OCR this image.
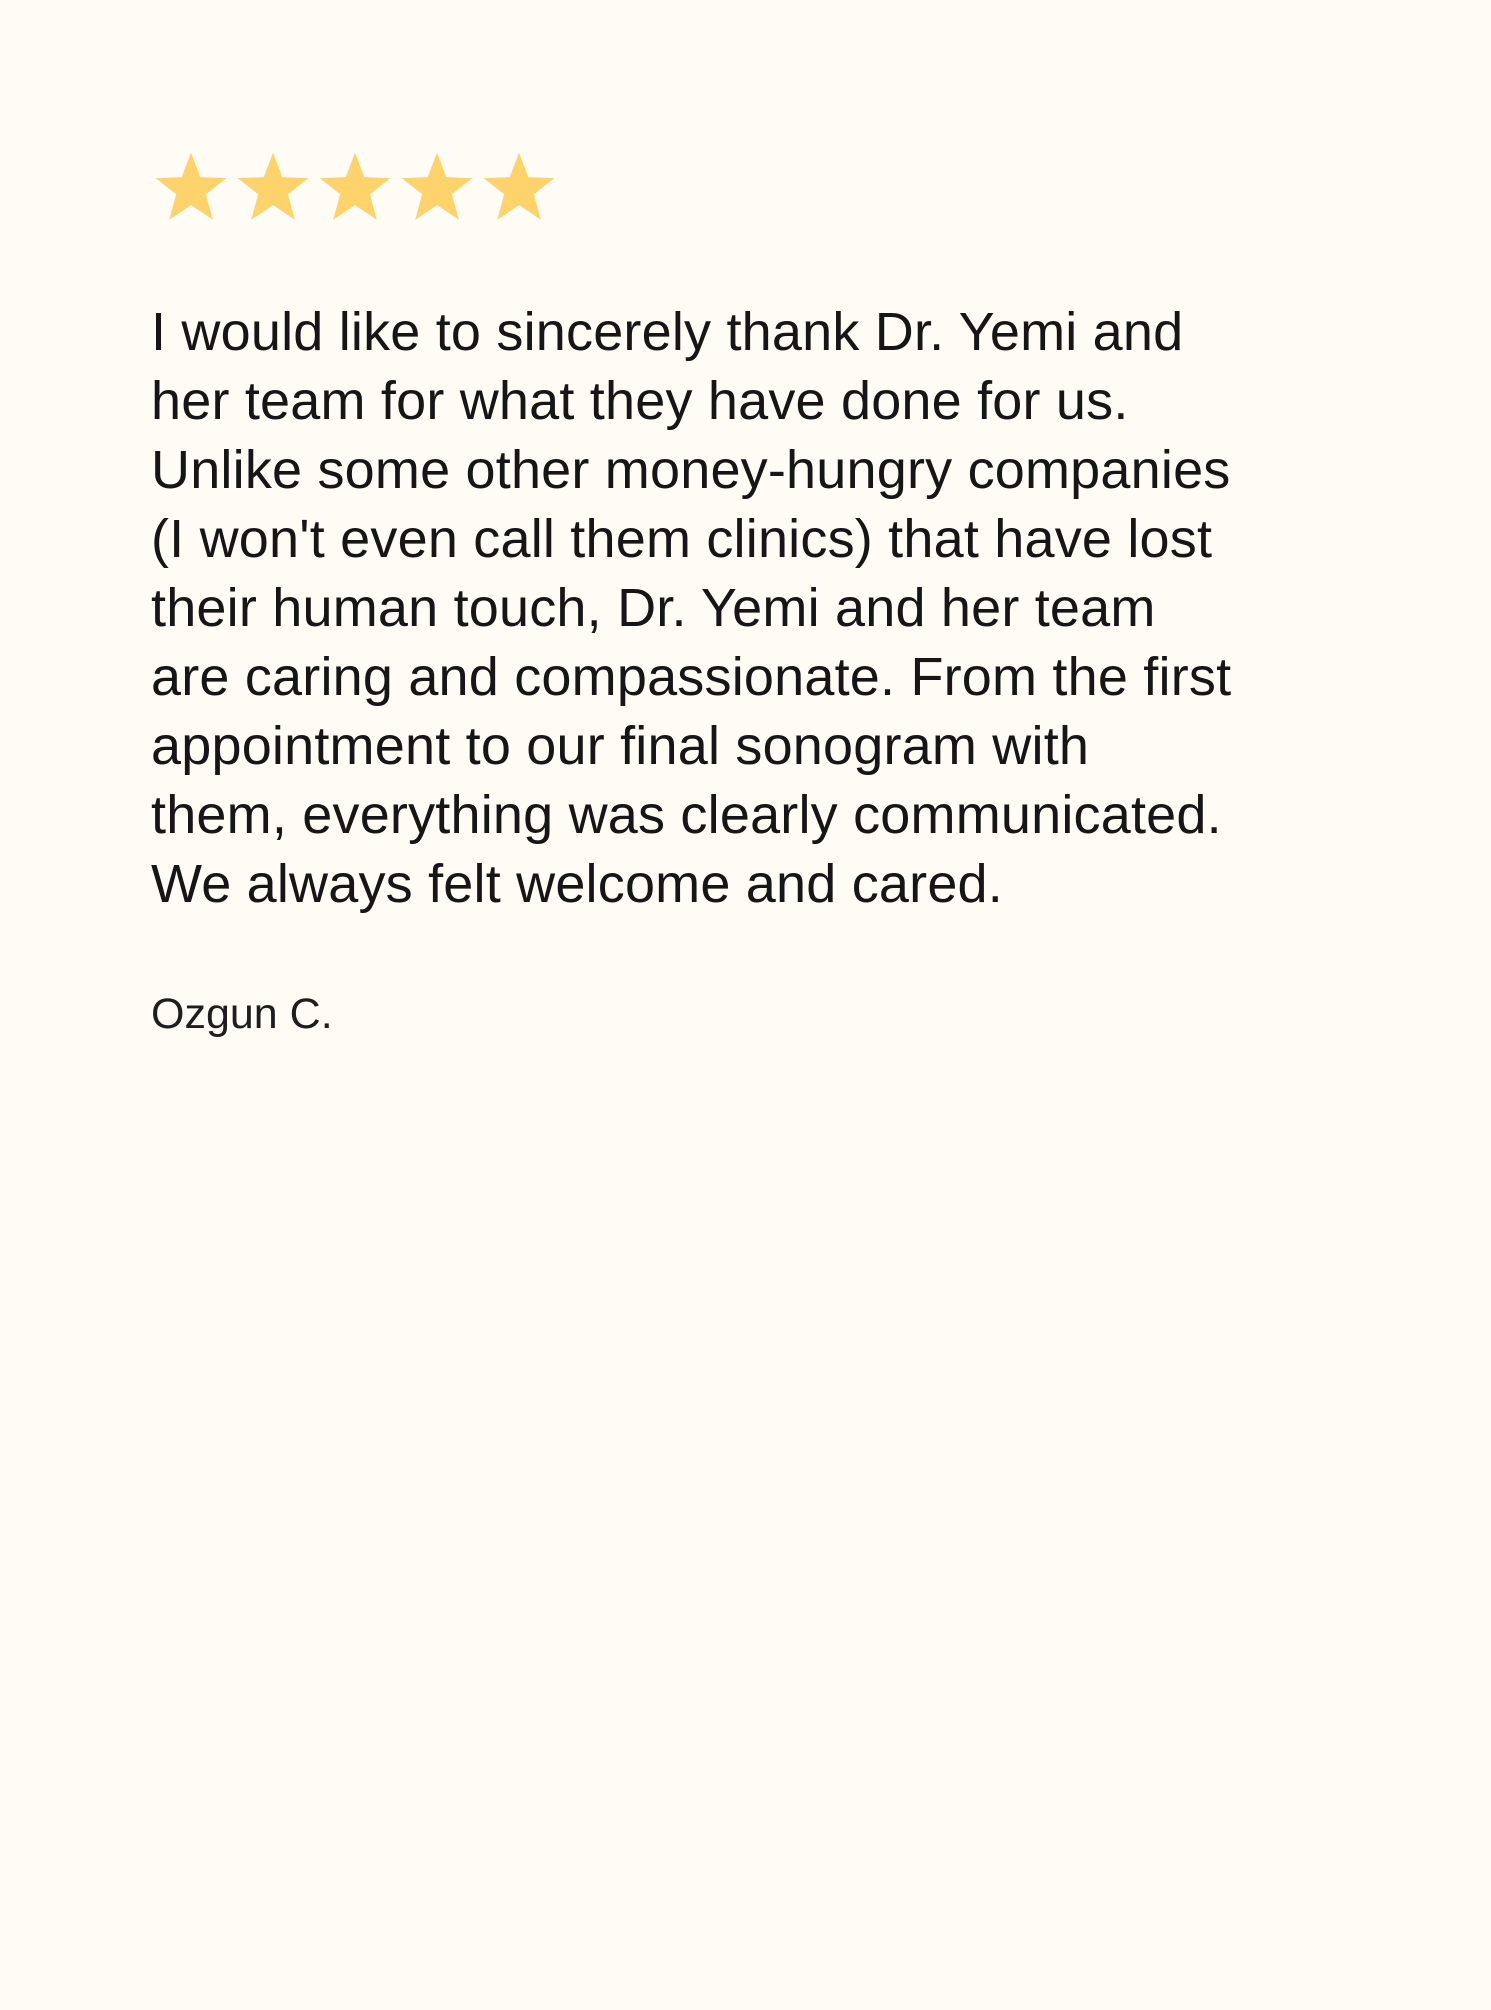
I would like to sincerely thank Dr. Yemi and
her team for what they have done for us.
Unlike some other money-hungry companies
(I won't even call them clinics) that have lost
their human touch, Dr. Yemi and her team
are caring and compassionate. From the first
appointment to our final sonogram with
them, everything was clearly communicated.
We always felt welcome and cared.

Ozgun C.
